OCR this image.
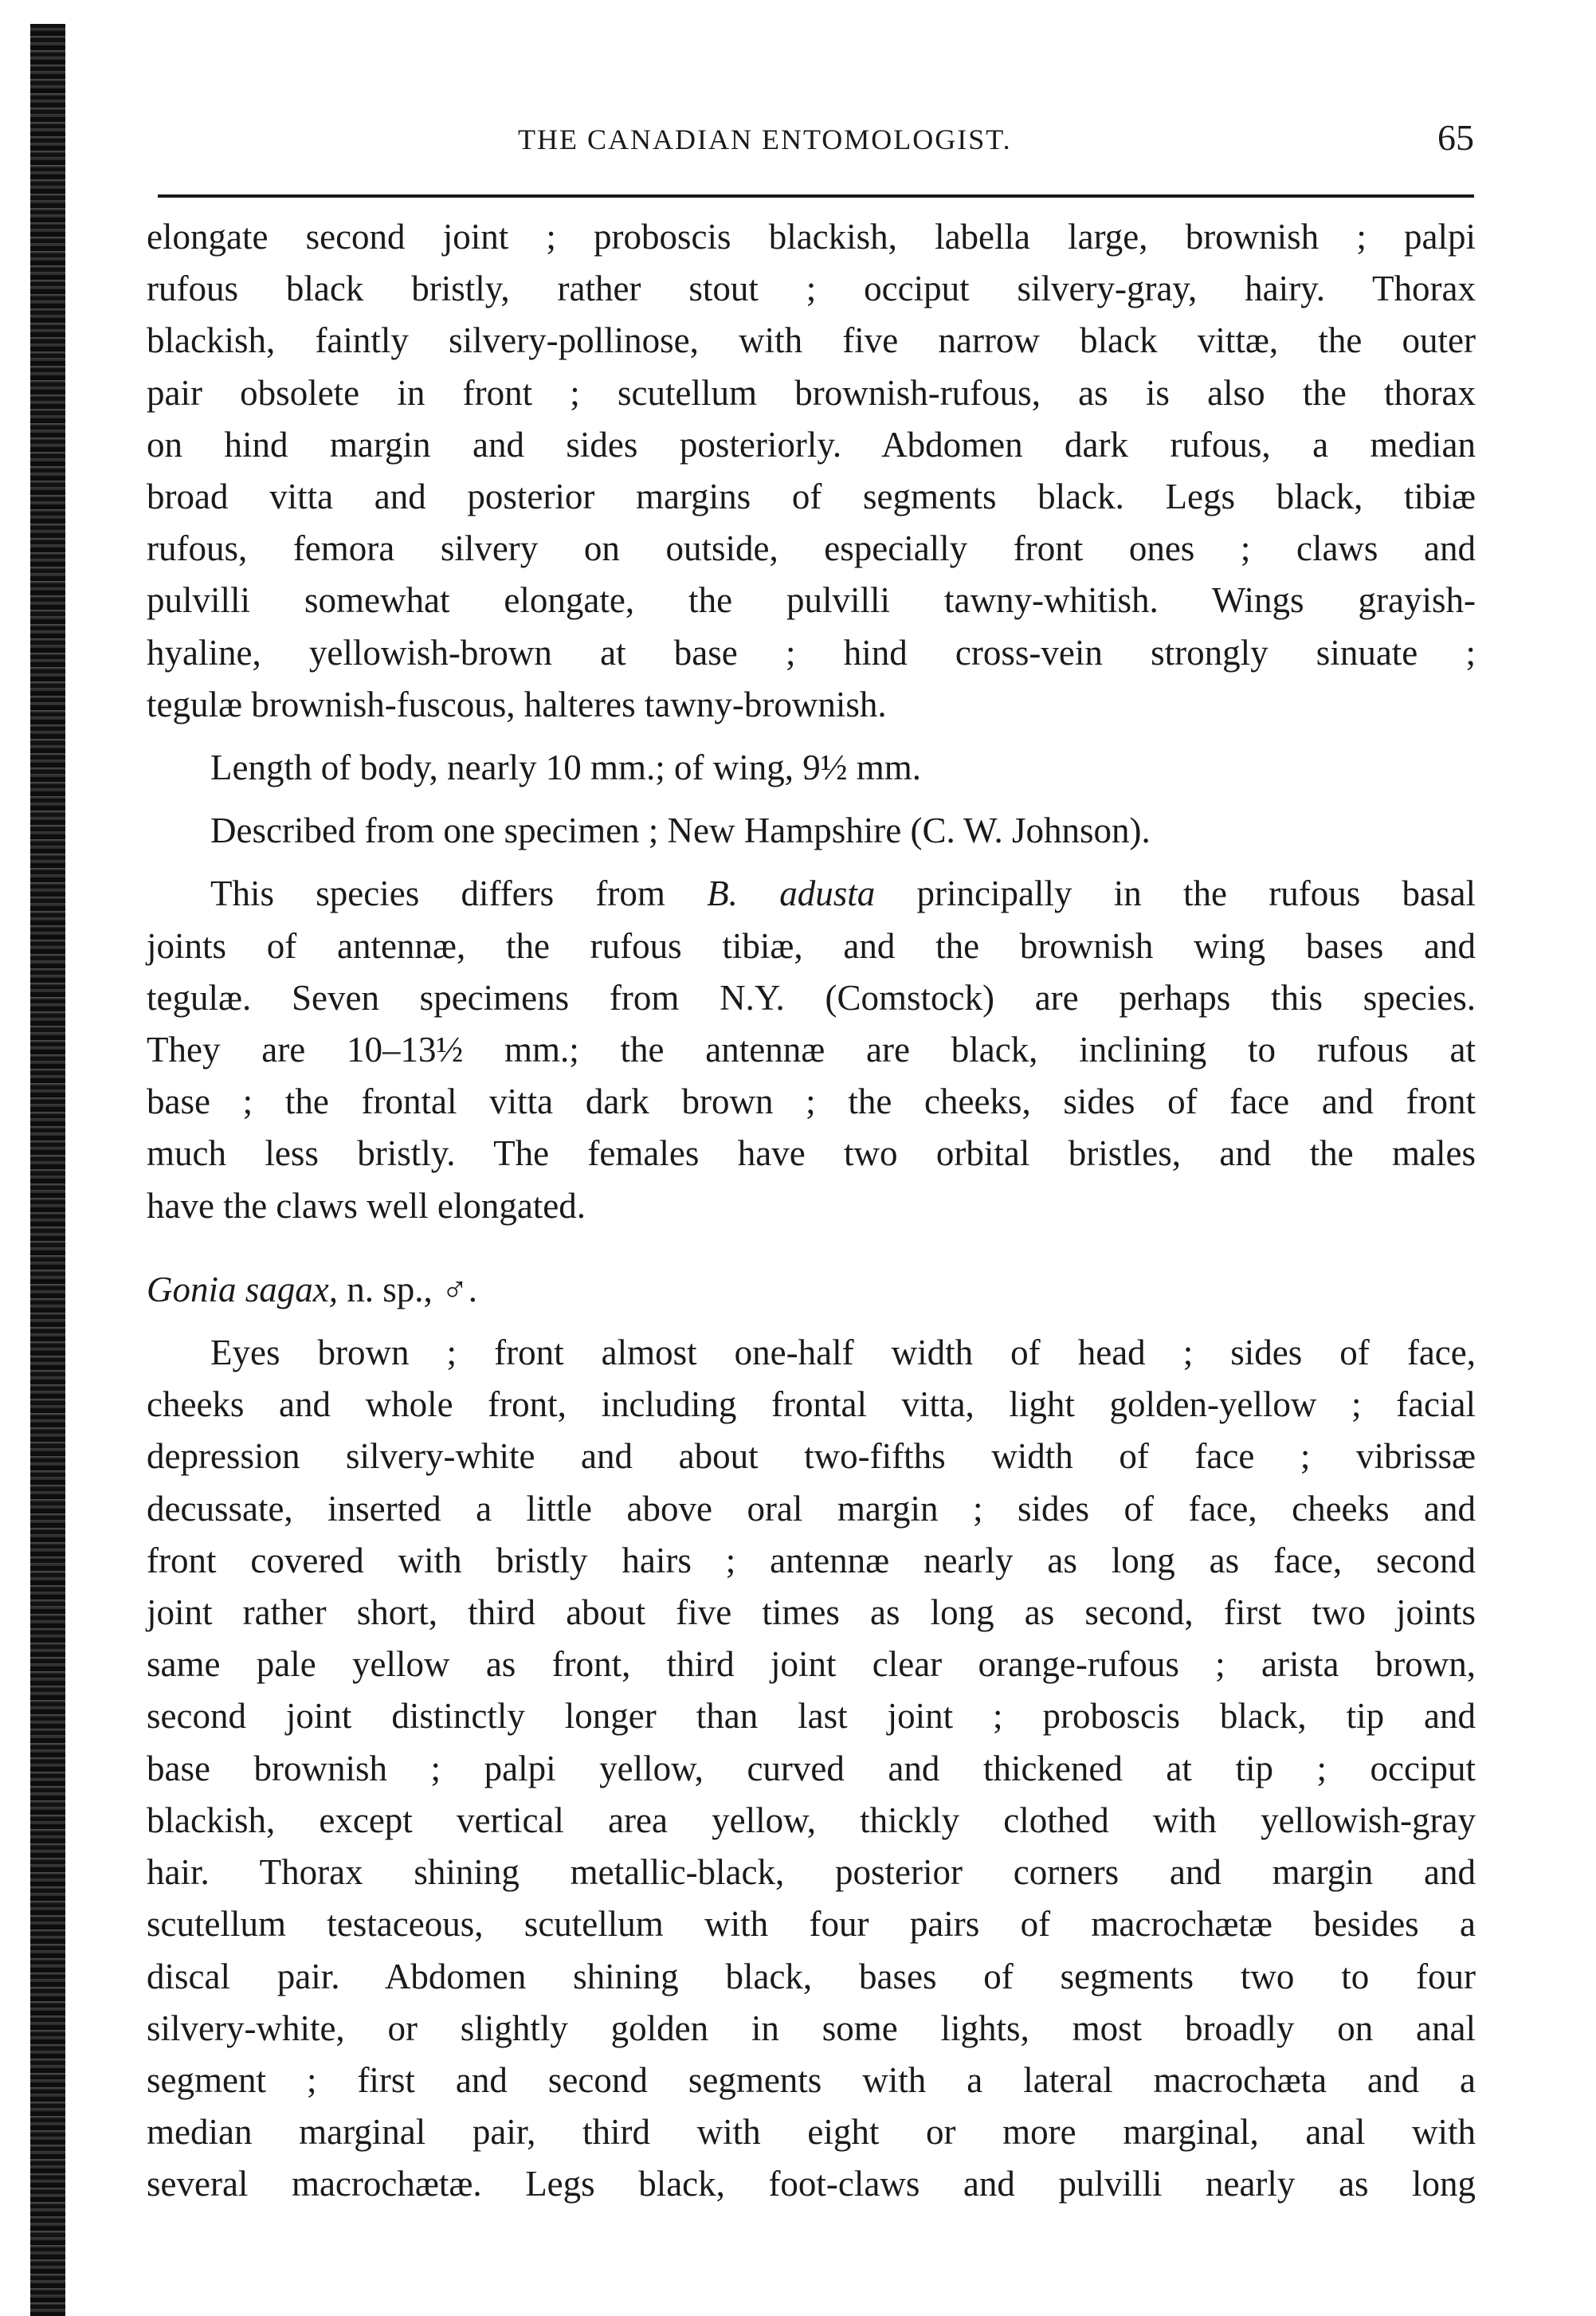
THE CANADIAN ENTOMOLOGIST.	65
elongate second joint ; proboscis blackish, labella large, brownish ; palpi
rufous black bristly, rather stout ; occiput silvery-gray, hairy. Thorax
blackish, faintly silvery-pollinose, with five narrow black vittæ, the outer
pair obsolete in front ; scutellum brownish-rufous, as is also the thorax
on hind margin and sides posteriorly. Abdomen dark rufous, a median
broad vitta and posterior margins of segments black. Legs black, tibiæ
rufous, femora silvery on outside, especially front ones ; claws and
pulvilli somewhat elongate, the pulvilli tawny-whitish. Wings grayish-
hyaline, yellowish-brown at base ; hind cross-vein strongly sinuate ;
tegulæ brownish-fuscous, halteres tawny-brownish.
Length of body, nearly 10 mm.; of wing, 9½ mm.
Described from one specimen ; New Hampshire (C. W. Johnson).
This species differs from B. adusta principally in the rufous basal
joints of antennæ, the rufous tibiæ, and the brownish wing bases and
tegulæ. Seven specimens from N.Y. (Comstock) are perhaps this species.
They are 10–13½ mm.; the antennæ are black, inclining to rufous at
base ; the frontal vitta dark brown ; the cheeks, sides of face and front
much less bristly. The females have two orbital bristles, and the males
have the claws well elongated.
Gonia sagax, n. sp., ♂.
Eyes brown ; front almost one-half width of head ; sides of face,
cheeks and whole front, including frontal vitta, light golden-yellow ; facial
depression silvery-white and about two-fifths width of face ; vibrissæ
decussate, inserted a little above oral margin ; sides of face, cheeks and
front covered with bristly hairs ; antennæ nearly as long as face, second
joint rather short, third about five times as long as second, first two joints
same pale yellow as front, third joint clear orange-rufous ; arista brown,
second joint distinctly longer than last joint ; proboscis black, tip and
base brownish ; palpi yellow, curved and thickened at tip ; occiput
blackish, except vertical area yellow, thickly clothed with yellowish-gray
hair. Thorax shining metallic-black, posterior corners and margin and
scutellum testaceous, scutellum with four pairs of macrochætæ besides a
discal pair. Abdomen shining black, bases of segments two to four
silvery-white, or slightly golden in some lights, most broadly on anal
segment ; first and second segments with a lateral macrochæta and a
median marginal pair, third with eight or more marginal, anal with
several macrochætæ. Legs black, foot-claws and pulvilli nearly as long
